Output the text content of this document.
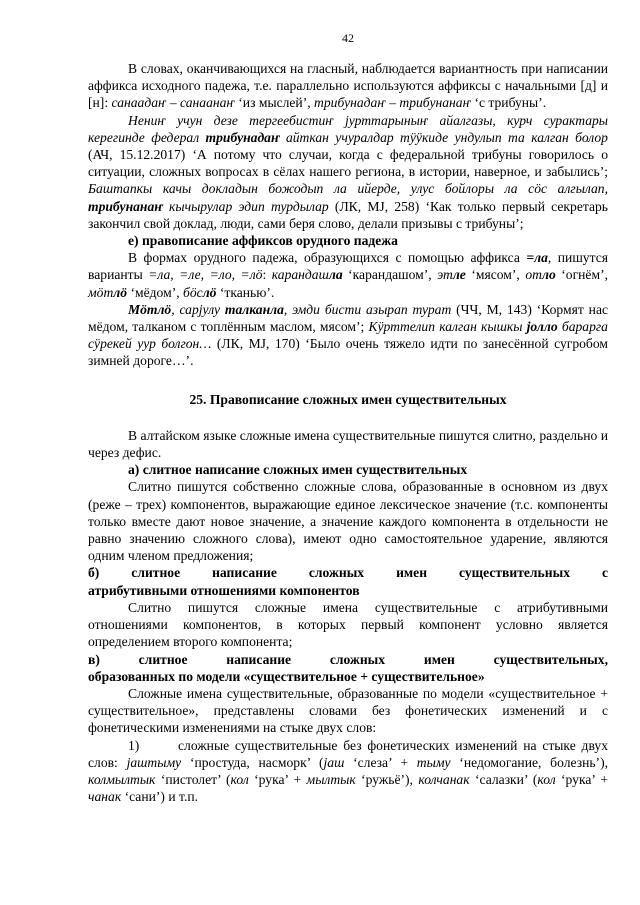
42

В словах, оканчивающихся на гласный, наблюдается вариантность при написании аффикса исходного падежа, т.е. параллельно используются аффиксы с начальными [д] и [н]: санаадаҥ – санаанаҥ ‘из мыслей’, трибунадаҥ – трибунанаҥ ‘с трибуны’.

Нениҥ учун дезе тергеебистиҥ јурттарыныҥ айалгазы, курч сурактары керегинде федерал трибунадаҥ айткан учуралдар тӱӱкиде ундулып та калган болор (АЧ, 15.12.2017) ‘А потому что случаи, когда с федеральной трибуны говорилось о ситуации, сложных вопросах в сёлах нашего региона, в истории, наверное, и забылись’; Баштапкы качы докладын божодып ла ийерде, улус бойлоры ла сӧс алгылап, трибунанаҥ кычырулар эдип турдылар (ЛК, МЈ, 258) ‘Как только первый секретарь закончил свой доклад, люди, сами беря слово, делали призывы с трибуны’;

е) правописание аффиксов орудного падежа

В формах орудного падежа, образующихся с помощью аффикса =ла, пишутся варианты =ла, =ле, =ло, =лӧ: карандашла ‘карандашом’, этле ‘мясом’, отло ‘огнём’, мӧтлӧ ‘мёдом’, бӧслӧ ‘тканью’.

Мӧтлӧ, сарјулу талканла, эмди бисти азырап турат (ЧЧ, М, 143) ‘Кормят нас мёдом, талканом с топлённым маслом, мясом’; Кӱрттелип калган кышкы јолло бараргa сӱрекей уур болгон… (ЛК, МЈ, 170) ‘Было очень тяжело идти по занесённой сугробом зимней дороге…’.

25. Правописание сложных имен существительных

В алтайском языке сложные имена существительные пишутся слитно, раздельно и через дефис.

а) слитное написание сложных имен существительных

Слитно пишутся собственно сложные слова, образованные в основном из двух (реже – трех) компонентов, выражающие единое лексическое значение (т.с. компоненты только вместе дают новое значение, а значение каждого компонента в отдельности не равно значению сложного слова), имеют одно самостоятельное ударение, являются одним членом предложения;

б) слитное написание сложных имен существительных с

атрибутивными отношениями компонентов

Слитно пишутся сложные имена существительные с атрибутивными отношениями компонентов, в которых первый компонент условно является определением второго компонента;

в) слитное написание сложных имен существительных,

образованных по модели «существительное + существительное»

Сложные имена существительные, образованные по модели «существительное + существительное», представлены словами без фонетических изменений и с фонетическими изменениями на стыке двух слов:

1)	сложные существительные без фонетических изменений на стыке двух слов: јаштыму ‘простуда, насморк’ (јаш ‘слеза’ + тыму ‘недомогание, болезнь’), колмылтык ‘пистолет’ (кол ‘рука’ + мылтык ‘ружьё’), колчанак ‘салазки’ (кол ‘рука’ + чанак ‘сани’) и т.п.
